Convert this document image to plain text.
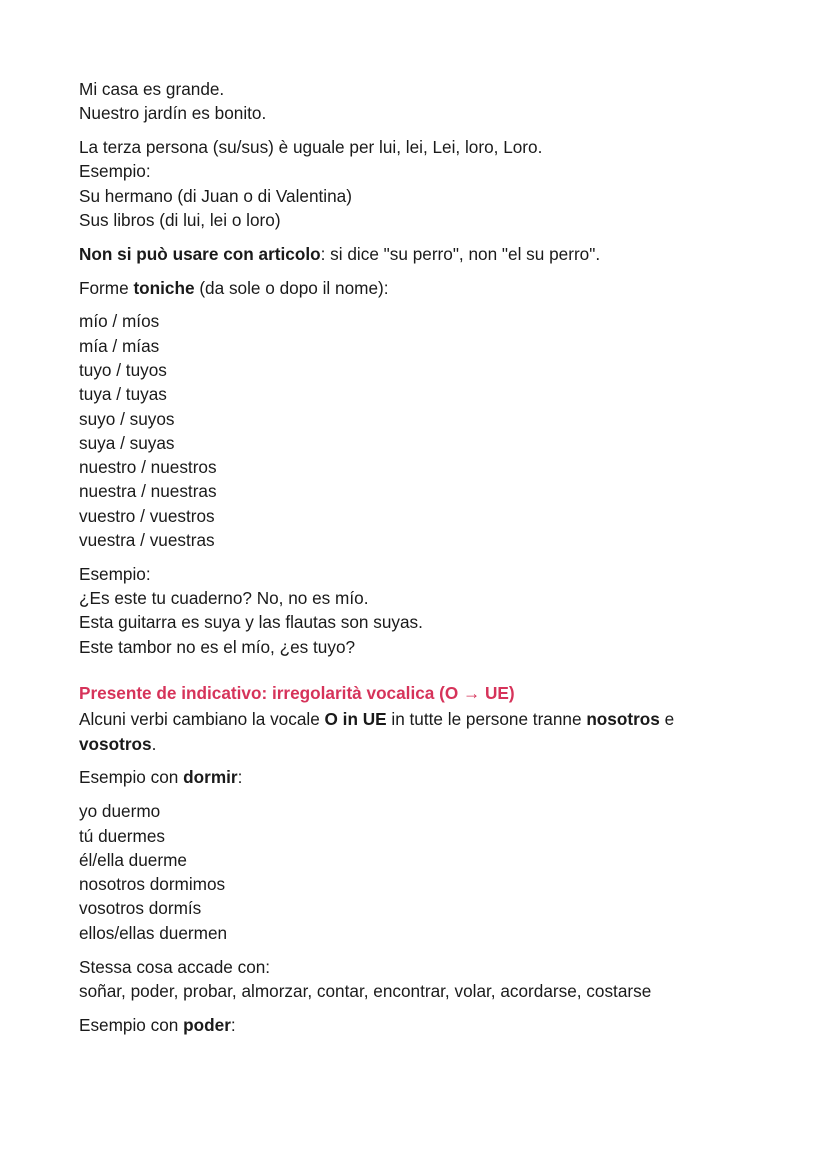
Mi casa es grande.
Nuestro jardín es bonito.
La terza persona (su/sus) è uguale per lui, lei, Lei, loro, Loro.
Esempio:
Su hermano (di Juan o di Valentina)
Sus libros (di lui, lei o loro)
Non si può usare con articolo: si dice "su perro", non "el su perro".
Forme toniche (da sole o dopo il nome):
mío / míos
mía / mías
tuyo / tuyos
tuya / tuyas
suyo / suyos
suya / suyas
nuestro / nuestros
nuestra / nuestras
vuestro / vuestros
vuestra / vuestras
Esempio:
¿Es este tu cuaderno? No, no es mío.
Esta guitarra es suya y las flautas son suyas.
Este tambor no es el mío, ¿es tuyo?
Presente de indicativo: irregolarità vocalica (O → UE)
Alcuni verbi cambiano la vocale O in UE in tutte le persone tranne nosotros e
vosotros.
Esempio con dormir:
yo duermo
tú duermes
él/ella duerme
nosotros dormimos
vosotros dormís
ellos/ellas duermen
Stessa cosa accade con:
soñar, poder, probar, almorzar, contar, encontrar, volar, acordarse, costarse
Esempio con poder:
